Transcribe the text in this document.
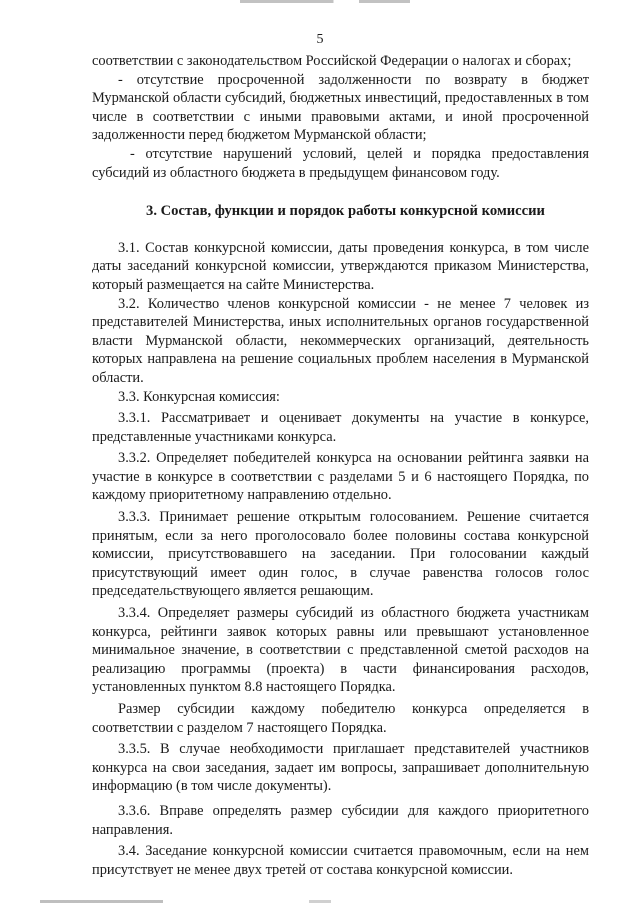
5

соответствии с законодательством Российской Федерации о налогах и сборах;

- отсутствие просроченной задолженности по возврату в бюджет Мурманской области субсидий, бюджетных инвестиций, предоставленных в том числе в соответствии с иными правовыми актами, и иной просроченной задолженности перед бюджетом Мурманской области;

- отсутствие нарушений условий, целей и порядка предоставления субсидий из областного бюджета в предыдущем финансовом году.

3. Состав, функции и порядок работы конкурсной комиссии

3.1. Состав конкурсной комиссии, даты проведения конкурса, в том числе даты заседаний конкурсной комиссии, утверждаются приказом Министерства, который размещается на сайте Министерства.

3.2. Количество членов конкурсной комиссии - не менее 7 человек из представителей Министерства, иных исполнительных органов государственной власти Мурманской области, некоммерческих организаций, деятельность которых направлена на решение социальных проблем населения в Мурманской области.

3.3. Конкурсная комиссия:

3.3.1. Рассматривает и оценивает документы на участие в конкурсе, представленные участниками конкурса.

3.3.2. Определяет победителей конкурса на основании рейтинга заявки на участие в конкурсе в соответствии с разделами 5 и 6 настоящего Порядка, по каждому приоритетному направлению отдельно.

3.3.3. Принимает решение открытым голосованием. Решение считается принятым, если за него проголосовало более половины состава конкурсной комиссии, присутствовавшего на заседании. При голосовании каждый присутствующий имеет один голос, в случае равенства голосов голос председательствующего является решающим.

3.3.4. Определяет размеры субсидий из областного бюджета участникам конкурса, рейтинги заявок которых равны или превышают установленное минимальное значение, в соответствии с представленной сметой расходов на реализацию программы (проекта) в части финансирования расходов, установленных пунктом 8.8 настоящего Порядка.

Размер субсидии каждому победителю конкурса определяется в соответствии с разделом 7 настоящего Порядка.

3.3.5. В случае необходимости приглашает представителей участников конкурса на свои заседания, задает им вопросы, запрашивает дополнительную информацию (в том числе документы).

3.3.6. Вправе определять размер субсидии для каждого приоритетного направления.

3.4. Заседание конкурсной комиссии считается правомочным, если на нем присутствует не менее двух третей от состава конкурсной комиссии.
